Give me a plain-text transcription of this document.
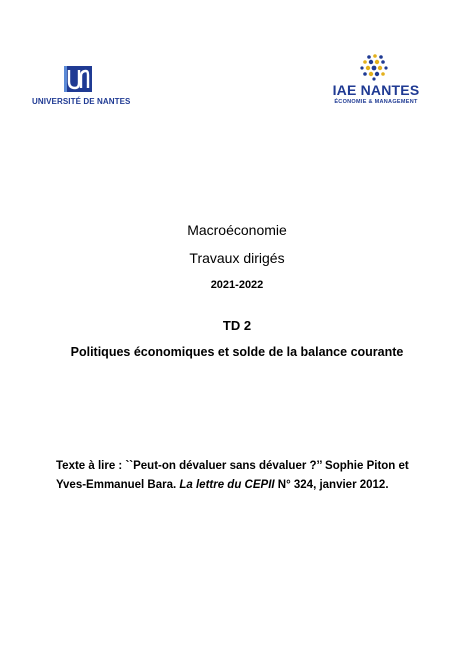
UNIVERSITÉ DE NANTES
IAE NANTES
ÉCONOMIE & MANAGEMENT
Macroéconomie
Travaux dirigés
2021-2022
TD 2
Politiques économiques et solde de la balance courante
Texte à lire : ``Peut-on dévaluer sans dévaluer ?’’ Sophie Piton et
Yves-Emmanuel Bara. La lettre du CEPII N° 324, janvier 2012.
